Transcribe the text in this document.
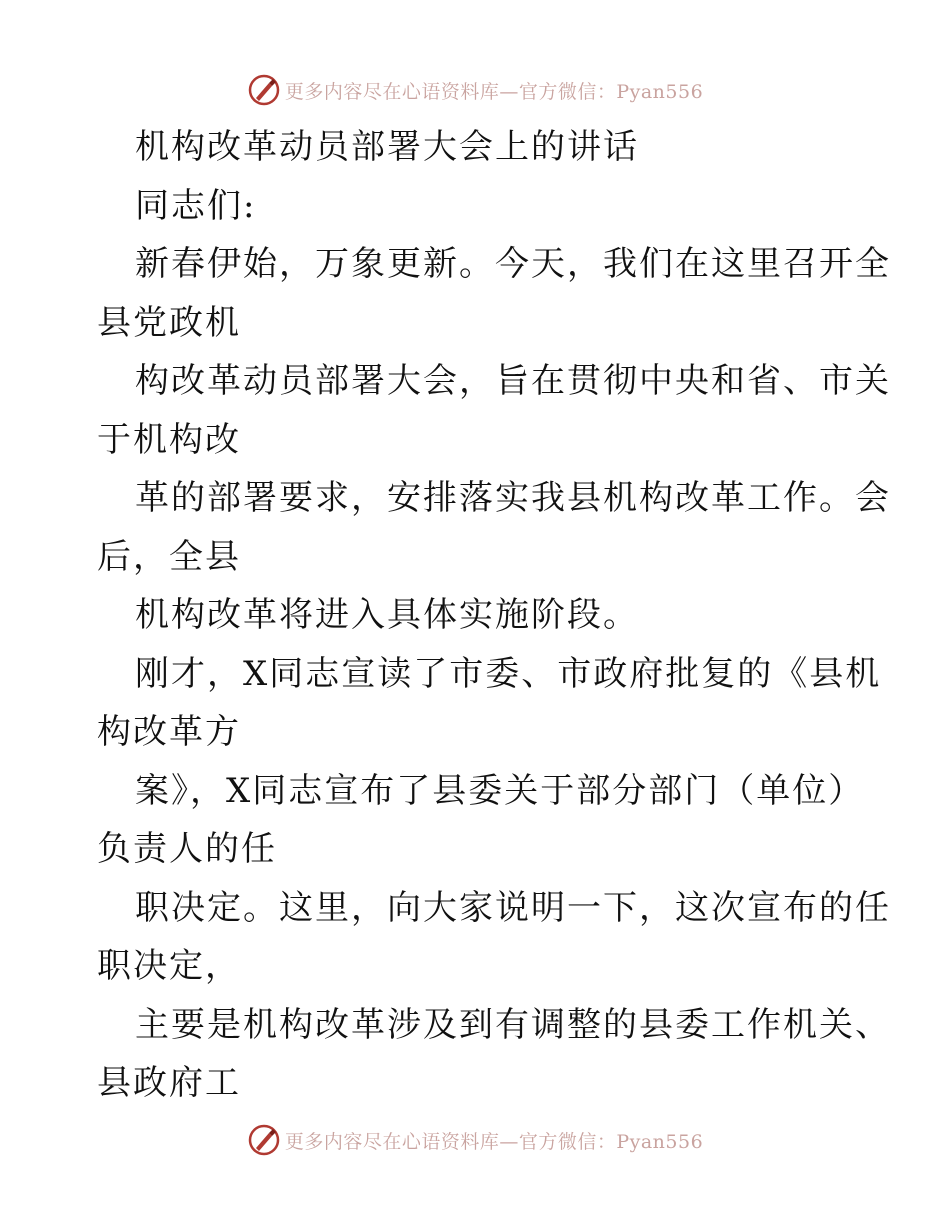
更多内容尽在心语资料库—官方微信：Pyan556
机构改革动员部署大会上的讲话
同志们:
新春伊始，万象更新。今天，我们在这里召开全
县党政机
构改革动员部署大会，旨在贯彻中央和省、市关
于机构改
革的部署要求，安排落实我县机构改革工作。会
后，全县
机构改革将进入具体实施阶段。
刚才，X同志宣读了市委、市政府批复的《县机
构改革方
案》，X同志宣布了县委关于部分部门（单位）
负责人的任
职决定。这里，向大家说明一下，这次宣布的任
职决定，
主要是机构改革涉及到有调整的县委工作机关、
县政府工
更多内容尽在心语资料库—官方微信：Pyan556
